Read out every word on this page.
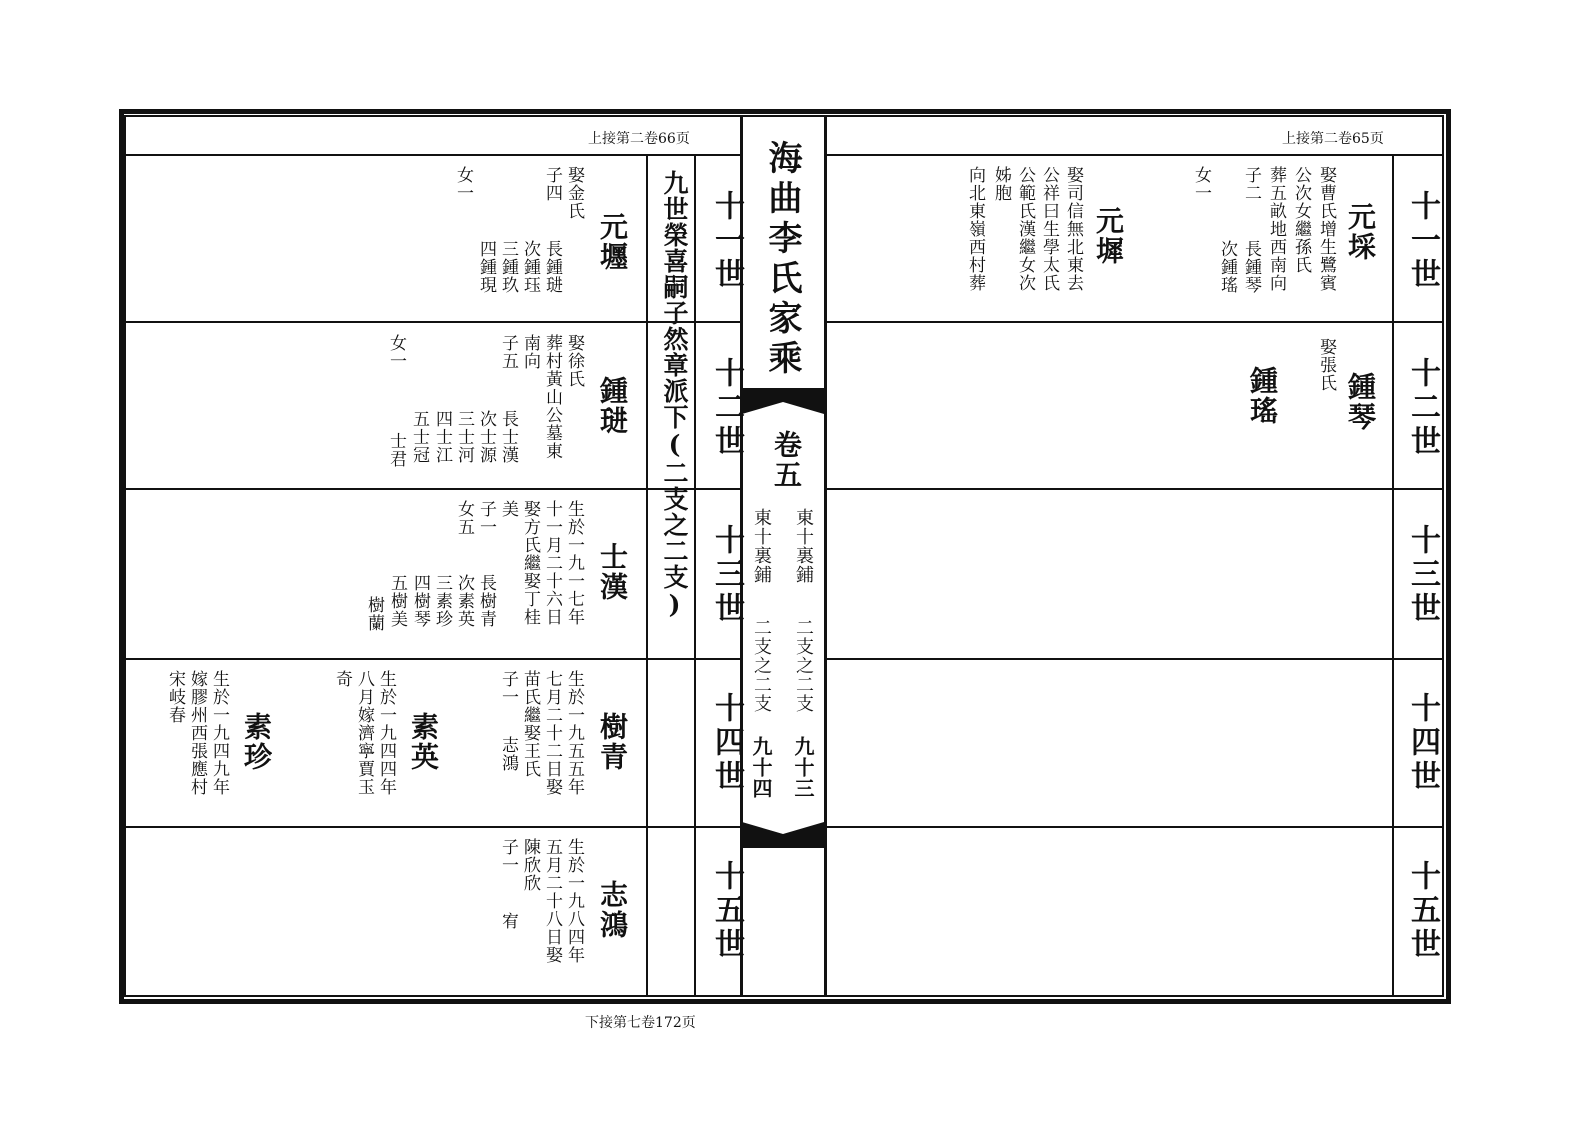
上接第二卷66页	上接第二卷65页
下接第七卷172页
海曲李氏家乘
卷五
東十裏鋪
二支之二支
九十三
東十裏鋪
二支之二支
九十四
九世榮喜嗣子然章派下(二支之二支) 十一世
十二世
十三世
十四世
十五世
元壥
娶金氏
子四
長鍾琎
次鍾珏
三鍾玖
四鍾現
女一
鍾琎
娶徐氏
葬村黃山公墓東
南向
子五
長士漢
次士源
三士河
四士江
五士冠
士君
女一
士漢
生於一九一七年
十一月二十六日
娶方氏繼娶丁桂
美
子一
長樹青
次素英
三素珍
四樹琴
五樹美
樹蘭
女五
樹青
生於一九五五年
七月二十二日娶
苗氏繼娶王氏
子一
志鴻
素英
生於一九四四年
八月嫁濟寧賈玉
奇
素珍
生於一九四九年
嫁膠州西張應村
宋岐春
志鴻
生於一九八四年
五月二十八日娶
陳欣欣
子一
宥
十一世
十二世
十三世
十四世
十五世
元埰
娶曹氏增生鷺賓
公次女繼孫氏
葬五畝地西南向
子二
長鍾琴
次鍾瑤
女一
元墀
娶司信無北東去
公祥曰生學太氏
公範氏漢繼女次
姊胞
向北東嶺西村葬
鍾琴
娶張氏
鍾瑤
